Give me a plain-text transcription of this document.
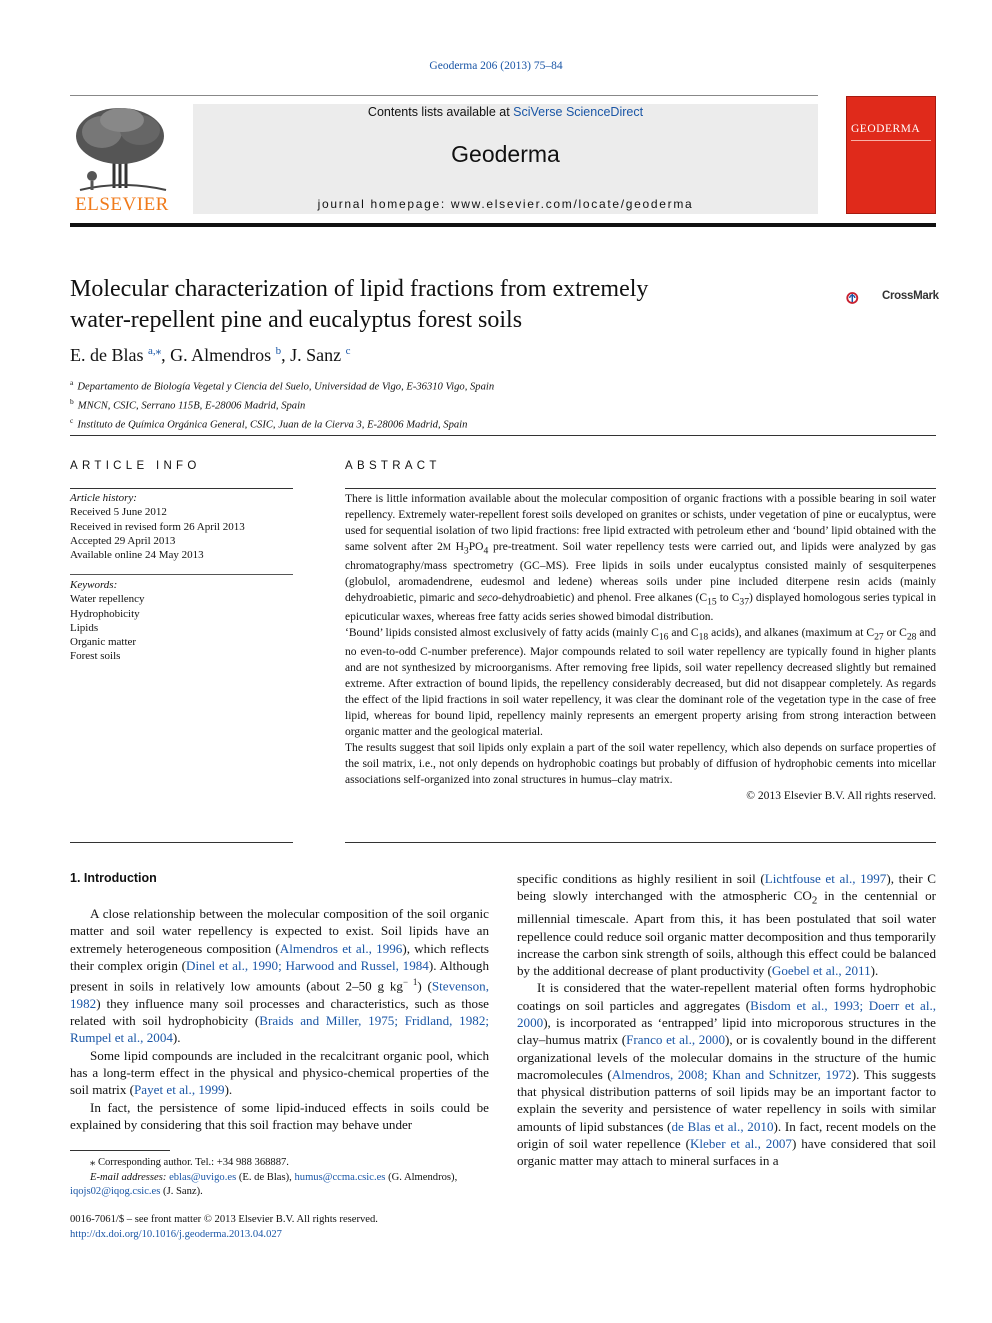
Geoderma 206 (2013) 75–84
ELSEVIER
Contents lists available at SciVerse ScienceDirect
Geoderma
journal homepage: www.elsevier.com/locate/geoderma
GEODERMA
Molecular characterization of lipid fractions from extremely
water-repellent pine and eucalyptus forest soils
CrossMark
E. de Blas $^{a,⁎}$, G. Almendros $^b$, J. Sanz $^c$
$^a$ Departamento de Biología Vegetal y Ciencia del Suelo, Universidad de Vigo, E-36310 Vigo, Spain
$^b$ MNCN, CSIC, Serrano 115B, E-28006 Madrid, Spain
$^c$ Instituto de Química Orgánica General, CSIC, Juan de la Cierva 3, E-28006 Madrid, Spain
ARTICLE INFO	ABSTRACT
Article history:
Received 5 June 2012
Received in revised form 26 April 2013
Accepted 29 April 2013
Available online 24 May 2013
Keywords:
Water repellency
Hydrophobicity
Lipids
Organic matter
Forest soils

There is little information available about the molecular composition of organic fractions with a possible bearing in soil water repellency. Extremely water-repellent forest soils developed on granites or schists, under vegetation of pine or eucalyptus, were used for sequential isolation of two lipid fractions: free lipid extracted with petroleum ether and ‘bound’ lipid obtained with the same solvent after 2M $H_3PO_4$ pre-treatment. Soil water repellency tests were carried out, and lipids were analyzed by gas chromatography/mass spectrometry (GC–MS). Free lipids in soils under eucalyptus consisted mainly of sesquiterpenes (globulol, aromadendrene, eudesmol and ledene) whereas soils under pine included diterpene resin acids (mainly dehydroabietic, pimaric and seco-dehydroabietic) and phenol. Free alkanes ($C_{15}$ to $C_{37}$) displayed homologous series typical in epicuticular waxes, whereas free fatty acids series showed bimodal distribution.

‘Bound’ lipids consisted almost exclusively of fatty acids (mainly $C_{16}$ and $C_{18}$ acids), and alkanes (maximum at $C_{27}$ or $C_{28}$ and no even-to-odd C-number preference). Major compounds related to soil water repellency are typically found in higher plants and are not synthesized by microorganisms. After removing free lipids, soil water repellency decreased slightly but remained extreme. After extraction of bound lipids, the repellency considerably decreased, but did not disappear completely. As regards the effect of the lipid fractions in soil water repellency, it was clear the dominant role of the vegetation type in the case of free lipid, whereas for bound lipid, repellency mainly represents an emergent property arising from strong interaction between organic matter and the geological material.

The results suggest that soil lipids only explain a part of the soil water repellency, which also depends on surface properties of the soil matrix, i.e., not only depends on hydrophobic coatings but probably of diffusion of hydrophobic cements into micellar associations self-organized into zonal structures in humus–clay matrix.

© 2013 Elsevier B.V. All rights reserved.

1. Introduction

A close relationship between the molecular composition of the soil organic matter and soil water repellency is expected to exist. Soil lipids have an extremely heterogeneous composition (Almendros et al., 1996), which reflects their complex origin (Dinel et al., 1990; Harwood and Russel, 1984). Although present in soils in relatively low amounts (about 2–50 g $kg^{- 1}$) (Stevenson, 1982) they influence many soil processes and characteristics, such as those related with soil hydrophobicity (Braids and Miller, 1975; Fridland, 1982; Rumpel et al., 2004).

Some lipid compounds are included in the recalcitrant organic pool, which has a long-term effect in the physical and physico-chemical properties of the soil matrix (Payet et al., 1999).

In fact, the persistence of some lipid-induced effects in soils could be explained by considering that this soil fraction may behave under

specific conditions as highly resilient in soil (Lichtfouse et al., 1997), their C being slowly interchanged with the atmospheric $CO_2$ in the centennial or millennial timescale. Apart from this, it has been postulated that soil water repellence could reduce soil organic matter decomposition and thus temporarily increase the carbon sink strength of soils, although this effect could be balanced by the additional decrease of plant productivity (Goebel et al., 2011).

It is considered that the water-repellent material often forms hydrophobic coatings on soil particles and aggregates (Bisdom et al., 1993; Doerr et al., 2000), is incorporated as ‘entrapped’ lipid into microporous structures in the clay–humus matrix (Franco et al., 2000), or is covalently bound in the different organizational levels of the molecular domains in the structure of the humic macromolecules (Almendros, 2008; Khan and Schnitzer, 1972). This suggests that physical distribution patterns of soil lipids may be an important factor to explain the severity and persistence of water repellency in soils with similar amounts of lipid substances (de Blas et al., 2010). In fact, recent models on the origin of soil water repellence (Kleber et al., 2007) have considered that soil organic matter may attach to mineral surfaces in a

⁎ Corresponding author. Tel.: +34 988 368887.
E-mail addresses: eblas@uvigo.es (E. de Blas), humus@ccma.csic.es (G. Almendros),
iqojs02@iqog.csic.es (J. Sanz).
0016-7061/$ – see front matter © 2013 Elsevier B.V. All rights reserved.
http://dx.doi.org/10.1016/j.geoderma.2013.04.027
